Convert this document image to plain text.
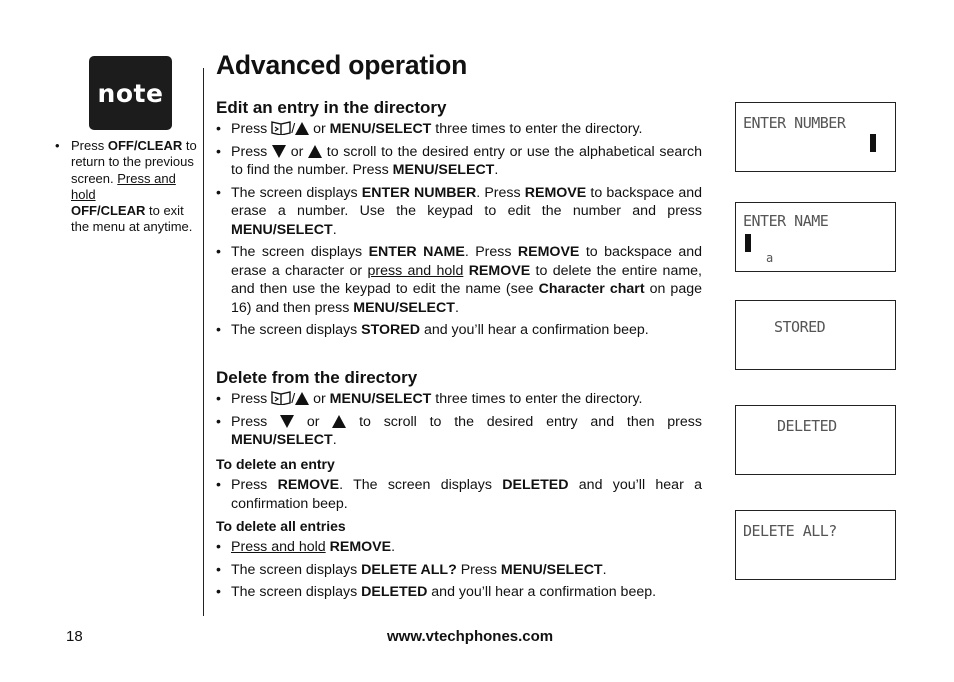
note
• Press OFF/CLEAR to return to the previous screen. Press and hold
OFF/CLEAR to exit the menu at anytime.
Advanced operation
Edit an entry in the directory
• Press / or MENU/SELECT three times to enter the directory.
• Press  or  to scroll to the desired entry or use the alphabetical search to find the number. Press MENU/SELECT.
• The screen displays ENTER NUMBER. Press REMOVE to backspace and erase a number. Use the keypad to edit the number and press MENU/SELECT.
• The screen displays ENTER NAME. Press REMOVE to backspace and erase a character or press and hold REMOVE to delete the entire name, and then use the keypad to edit the name (see Character chart on page 16) and then press MENU/SELECT.
• The screen displays STORED and you’ll hear a confirmation beep.
Delete from the directory
• Press / or MENU/SELECT three times to enter the directory.
• Press  or  to scroll to the desired entry and then press MENU/SELECT.
To delete an entry
• Press REMOVE. The screen displays DELETED and you’ll hear a confirmation beep.
To delete all entries
• Press and hold REMOVE.
• The screen displays DELETE ALL? Press MENU/SELECT.
• The screen displays DELETED and you’ll hear a confirmation beep.
ENTER NUMBER
ENTER NAME
a
STORED
DELETED
DELETE ALL?
18	www.vtechphones.com
